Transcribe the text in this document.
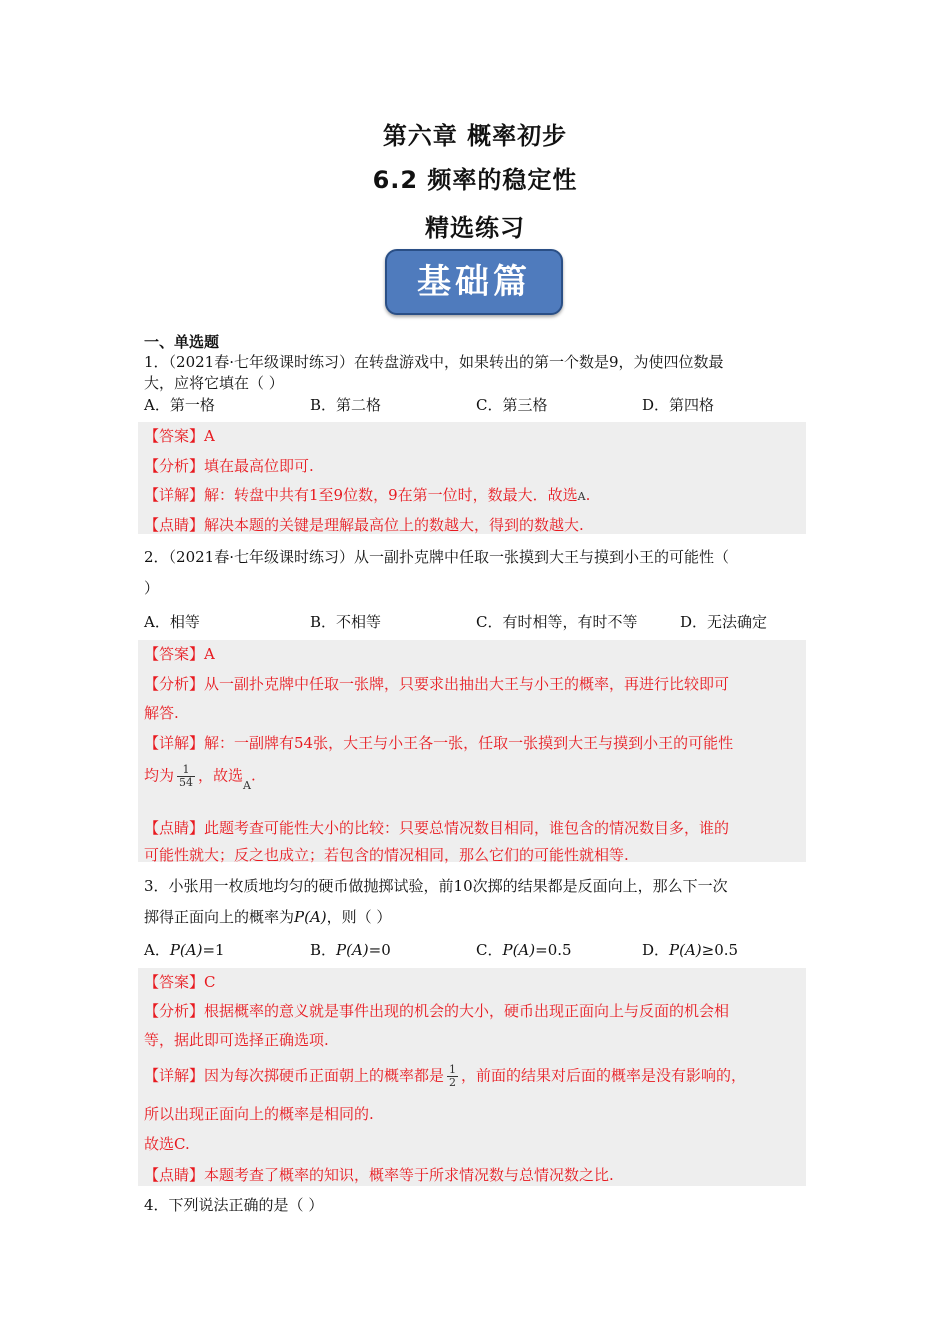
第六章 概率初步
6.2 频率的稳定性
精选练习
基础篇
一、单选题
1．（2021春·七年级课时练习）在转盘游戏中，如果转出的第一个数是9，为使四位数最
大，应将它填在（ ）
A．第一格	B．第二格	C．第三格	D．第四格
【答案】A
【分析】填在最高位即可.
【详解】解：转盘中共有1至9位数，9在第一位时，数最大．故选A.
【点睛】解决本题的关键是理解最高位上的数越大，得到的数越大.
2．（2021春·七年级课时练习）从一副扑克牌中任取一张摸到大王与摸到小王的可能性（
）
A．相等	B．不相等	C．有时相等，有时不等	D．无法确定
【答案】A
【分析】从一副扑克牌中任取一张牌，只要求出抽出大王与小王的概率，再进行比较即可
解答.
【详解】解：一副牌有54张，大王与小王各一张，任取一张摸到大王与摸到小王的可能性
均为 $\frac{1}{54}$ ，故选$_A$.
【点睛】此题考查可能性大小的比较：只要总情况数目相同，谁包含的情况数目多，谁的
可能性就大；反之也成立；若包含的情况相同，那么它们的可能性就相等.
3．小张用一枚质地均匀的硬币做抛掷试验，前10次掷的结果都是反面向上，那么下一次
掷得正面向上的概率为P(A)，则（ ）
A．P(A)=1	B．P(A)=0	C．P(A)=0.5	D．P(A)≥0.5
【答案】C
【分析】根据概率的意义就是事件出现的机会的大小，硬币出现正面向上与反面的机会相
等，据此即可选择正确选项.
【详解】因为每次掷硬币正面朝上的概率都是 $\frac{1}{2}$ ，前面的结果对后面的概率是没有影响的，
所以出现正面向上的概率是相同的.
故选C.
【点睛】本题考查了概率的知识，概率等于所求情况数与总情况数之比.
4．下列说法正确的是（ ）
